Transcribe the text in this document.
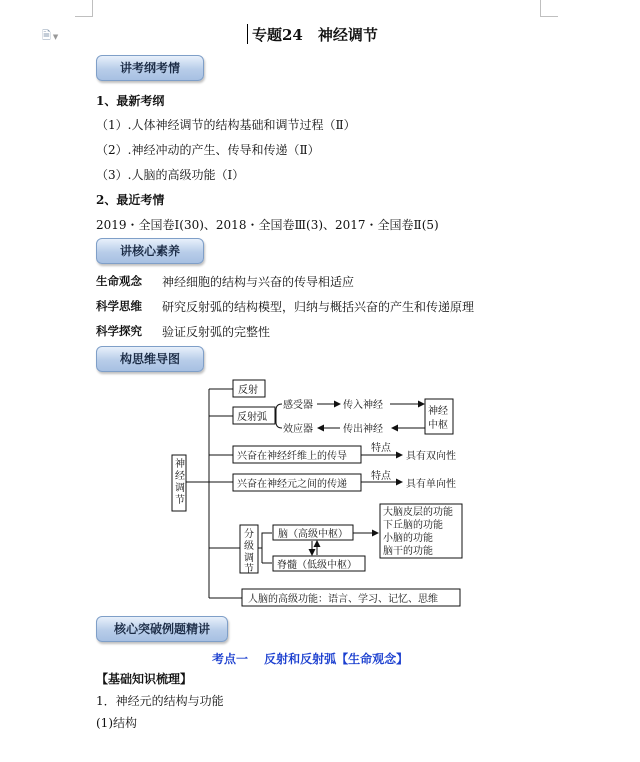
🗎 ▼	专题24　神经调节
讲考纲考情
1、最新考纲
（1）.人体神经调节的结构基础和调节过程（Ⅱ）
（2）.神经冲动的产生、传导和传递（Ⅱ）
（3）.人脑的高级功能（Ⅰ）
2、最近考情
2019・全国卷Ⅰ(30)、2018・全国卷Ⅲ(3)、2017・全国卷Ⅱ(5)
讲核心素养
生命观念 神经细胞的结构与兴奋的传导相适应
科学思维 研究反射弧的结构模型，归纳与概括兴奋的产生和传递原理
科学探究 验证反射弧的完整性
构思维导图
神
经
调
节
反射
反射弧
感受器	传入神经
神经
中枢
效应器	传出神经
兴奋在神经纤维上的传导
特点
具有双向性
兴奋在神经元之间的传递
特点
具有单向性
分
级
调
节
脑（高级中枢）
脊髓（低级中枢）
大脑皮层的功能
下丘脑的功能
小脑的功能
脑干的功能
人脑的高级功能：语言、学习、记忆、思维
核心突破例题精讲
考点一　 反射和反射弧【生命观念】
【基础知识梳理】
1．神经元的结构与功能
(1)结构
